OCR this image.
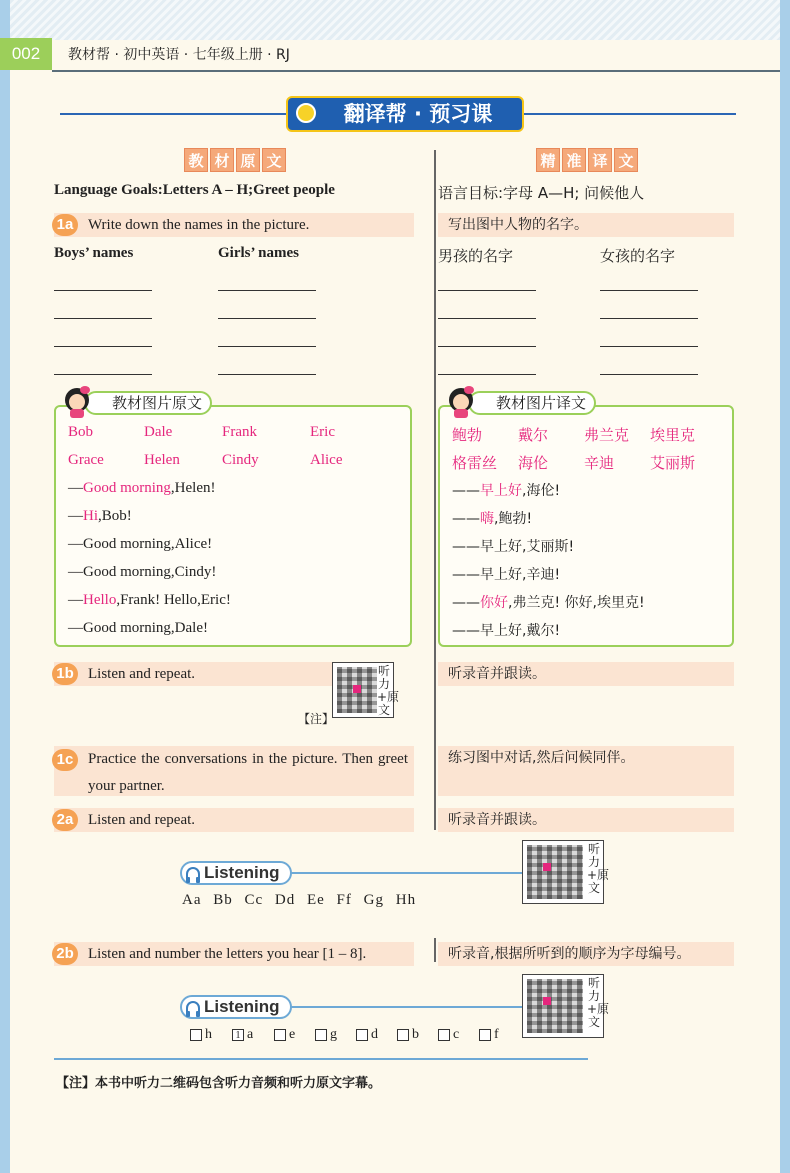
002	教材帮 · 初中英语 · 七年级上册 · RJ
翻译帮 · 预习课
教 材 原 文	精 准 译 文
Language Goals:Letters A – H;Greet people	语言目标:字母 A—H; 问候他人
1a Write down the names in the picture.	写出图中人物的名字。
Boys’ names	Girls’ names	男孩的名字	女孩的名字
教材图片原文
Bob	Dale	Frank	Eric
Grace	Helen	Cindy	Alice
—Good morning,Helen!
—Hi,Bob!
—Good morning,Alice!
—Good morning,Cindy!
—Hello,Frank! Hello,Eric!
—Good morning,Dale!
教材图片译文
鲍勃 戴尔 弗兰克 埃里克
格雷丝 海伦 辛迪 艾丽斯
——早上好,海伦!
——嗨,鲍勃!
——早上好,艾丽斯!
——早上好,辛迪!
——你好,弗兰克! 你好,埃里克!
——早上好,戴尔!
1b Listen and repeat.	听力+原文
【注】
听录音并跟读。
1c Practice the conversations in the picture. Then greet your partner.
练习图中对话,然后问候同伴。
2a Listen and repeat.	听录音并跟读。
Listening
听力+原文
Aa Bb Cc Dd Ee Ff Gg Hh
2b Listen and number the letters you hear [1 – 8].	听录音,根据所听到的顺序为字母编号。
Listening
听力+原文
h	1 a	e g d b c f
【注】本书中听力二维码包含听力音频和听力原文字幕。
